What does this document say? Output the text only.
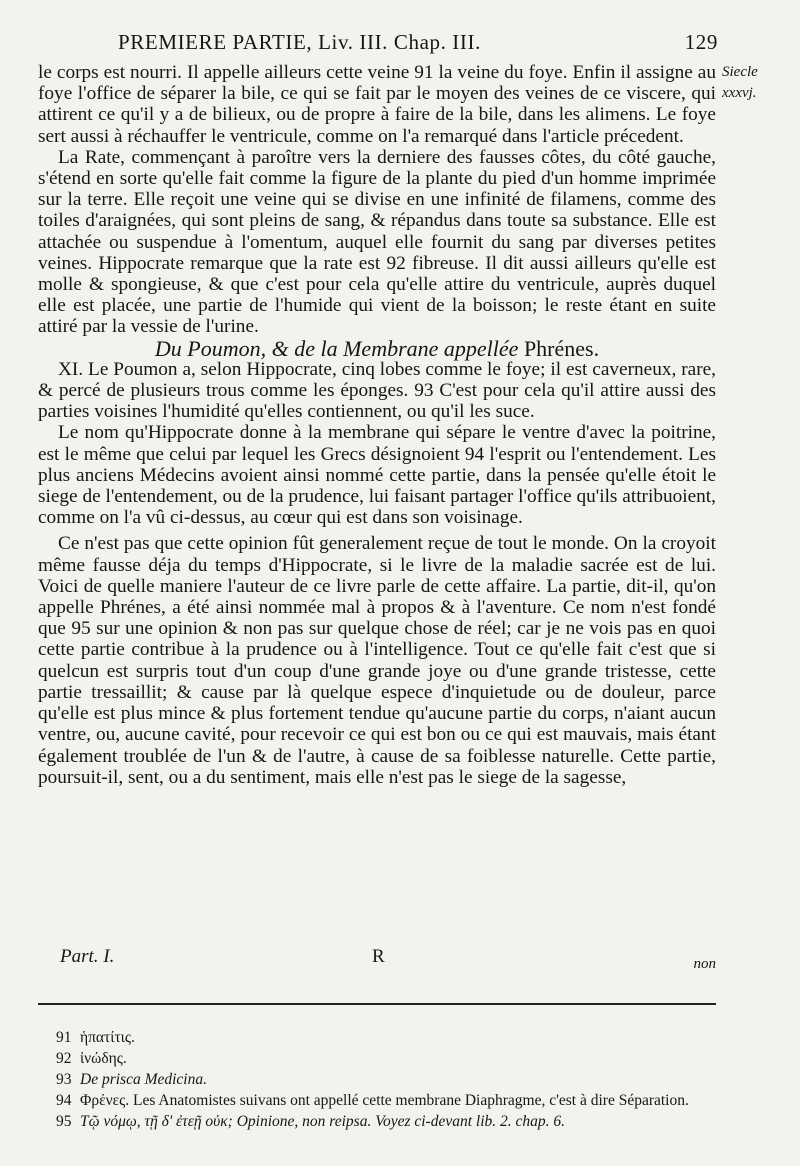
PREMIERE PARTIE, Liv. III. Chap. III.	129
Siecle
xxxvj.

le corps est nourri. Il appelle ailleurs cette veine 91 la veine du foye. Enfin il assigne au foye l'office de séparer la bile, ce qui se fait par le moyen des veines de ce viscere, qui attirent ce qu'il y a de bilieux, ou de propre à faire de la bile, dans les alimens. Le foye sert aussi à réchauffer le ventricule, comme on l'a remarqué dans l'article précedent.

La Rate, commençant à paroître vers la derniere des fausses côtes, du côté gauche, s'étend en sorte qu'elle fait comme la figure de la plante du pied d'un homme imprimée sur la terre. Elle reçoit une veine qui se divise en une infinité de filamens, comme des toiles d'araignées, qui sont pleins de sang, & répandus dans toute sa substance. Elle est attachée ou suspendue à l'omentum, auquel elle fournit du sang par diverses petites veines. Hippocrate remarque que la rate est 92 fibreuse. Il dit aussi ailleurs qu'elle est molle & spongieuse, & que c'est pour cela qu'elle attire du ventricule, auprès duquel elle est placée, une partie de l'humide qui vient de la boisson; le reste étant en suite attiré par la vessie de l'urine.

Du Poumon, & de la Membrane appellée Phrénes.

XI. Le Poumon a, selon Hippocrate, cinq lobes comme le foye; il est caverneux, rare, & percé de plusieurs trous comme les éponges. 93 C'est pour cela qu'il attire aussi des parties voisines l'humidité qu'elles contiennent, ou qu'il les suce.

Le nom qu'Hippocrate donne à la membrane qui sépare le ventre d'avec la poitrine, est le même que celui par lequel les Grecs désignoient 94 l'esprit ou l'entendement. Les plus anciens Médecins avoient ainsi nommé cette partie, dans la pensée qu'elle étoit le siege de l'entendement, ou de la prudence, lui faisant partager l'office qu'ils attribuoient, comme on l'a vû ci-dessus, au cœur qui est dans son voisinage.

Ce n'est pas que cette opinion fût generalement reçue de tout le monde. On la croyoit même fausse déja du temps d'Hippocrate, si le livre de la maladie sacrée est de lui. Voici de quelle maniere l'auteur de ce livre parle de cette affaire. La partie, dit-il, qu'on appelle Phrénes, a été ainsi nommée mal à propos & à l'aventure. Ce nom n'est fondé que 95 sur une opinion & non pas sur quelque chose de réel; car je ne vois pas en quoi cette partie contribue à la prudence ou à l'intelligence. Tout ce qu'elle fait c'est que si quelcun est surpris tout d'un coup d'une grande joye ou d'une grande tristesse, cette partie tressaillit; & cause par là quelque espece d'inquietude ou de douleur, parce qu'elle est plus mince & plus fortement tendue qu'aucune partie du corps, n'aiant aucun ventre, ou, aucune cavité, pour recevoir ce qui est bon ou ce qui est mauvais, mais étant également troublée de l'un & de l'autre, à cause de sa foiblesse naturelle. Cette partie, poursuit-il, sent, ou a du sentiment, mais elle n'est pas le siege de la sagesse,

Part. I.	R	non

91 ἡπατίτις.

92 ἰνώδης.

93 De prisca Medicina.

94 Φρένες. Les Anatomistes suivans ont appellé cette membrane Diaphragme, c'est à dire Séparation.

95 Τῷ νόμῳ, τῇ δ' ἐτεῇ οὐκ; Opinione, non reipsa. Voyez ci-devant lib. 2. chap. 6.
